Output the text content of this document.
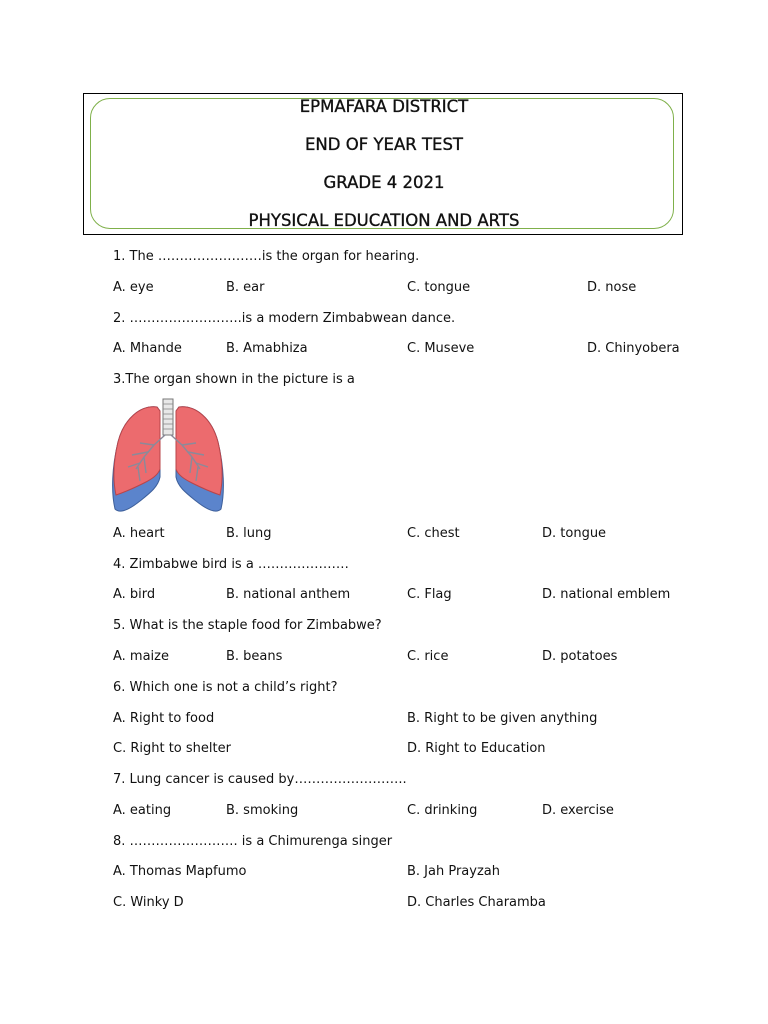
EPMAFARA DISTRICT
END OF YEAR TEST
GRADE 4 2021
PHYSICAL EDUCATION AND ARTS
1. The ……………………is the organ for hearing.
A. eye	B. ear	C. tongue	D. nose
2. ……………………..is a modern Zimbabwean dance.
A. Mhande	B. Amabhiza	C. Museve	D. Chinyobera
3.The organ shown in the picture is a
A. heart	B. lung	C. chest	D. tongue
4. Zimbabwe bird is a …………………
A. bird	B. national anthem	C. Flag	D. national emblem
5. What is the staple food for Zimbabwe?
A. maize	B. beans	C. rice	D. potatoes
6. Which one is not a child’s right?
A. Right to food	B. Right to be given anything
C. Right to shelter	D. Right to Education
7. Lung cancer is caused by……………………..
A. eating	B. smoking	C. drinking	D. exercise
8. ……………………. is a Chimurenga singer
A. Thomas Mapfumo	B. Jah Prayzah
C. Winky D	D. Charles Charamba
